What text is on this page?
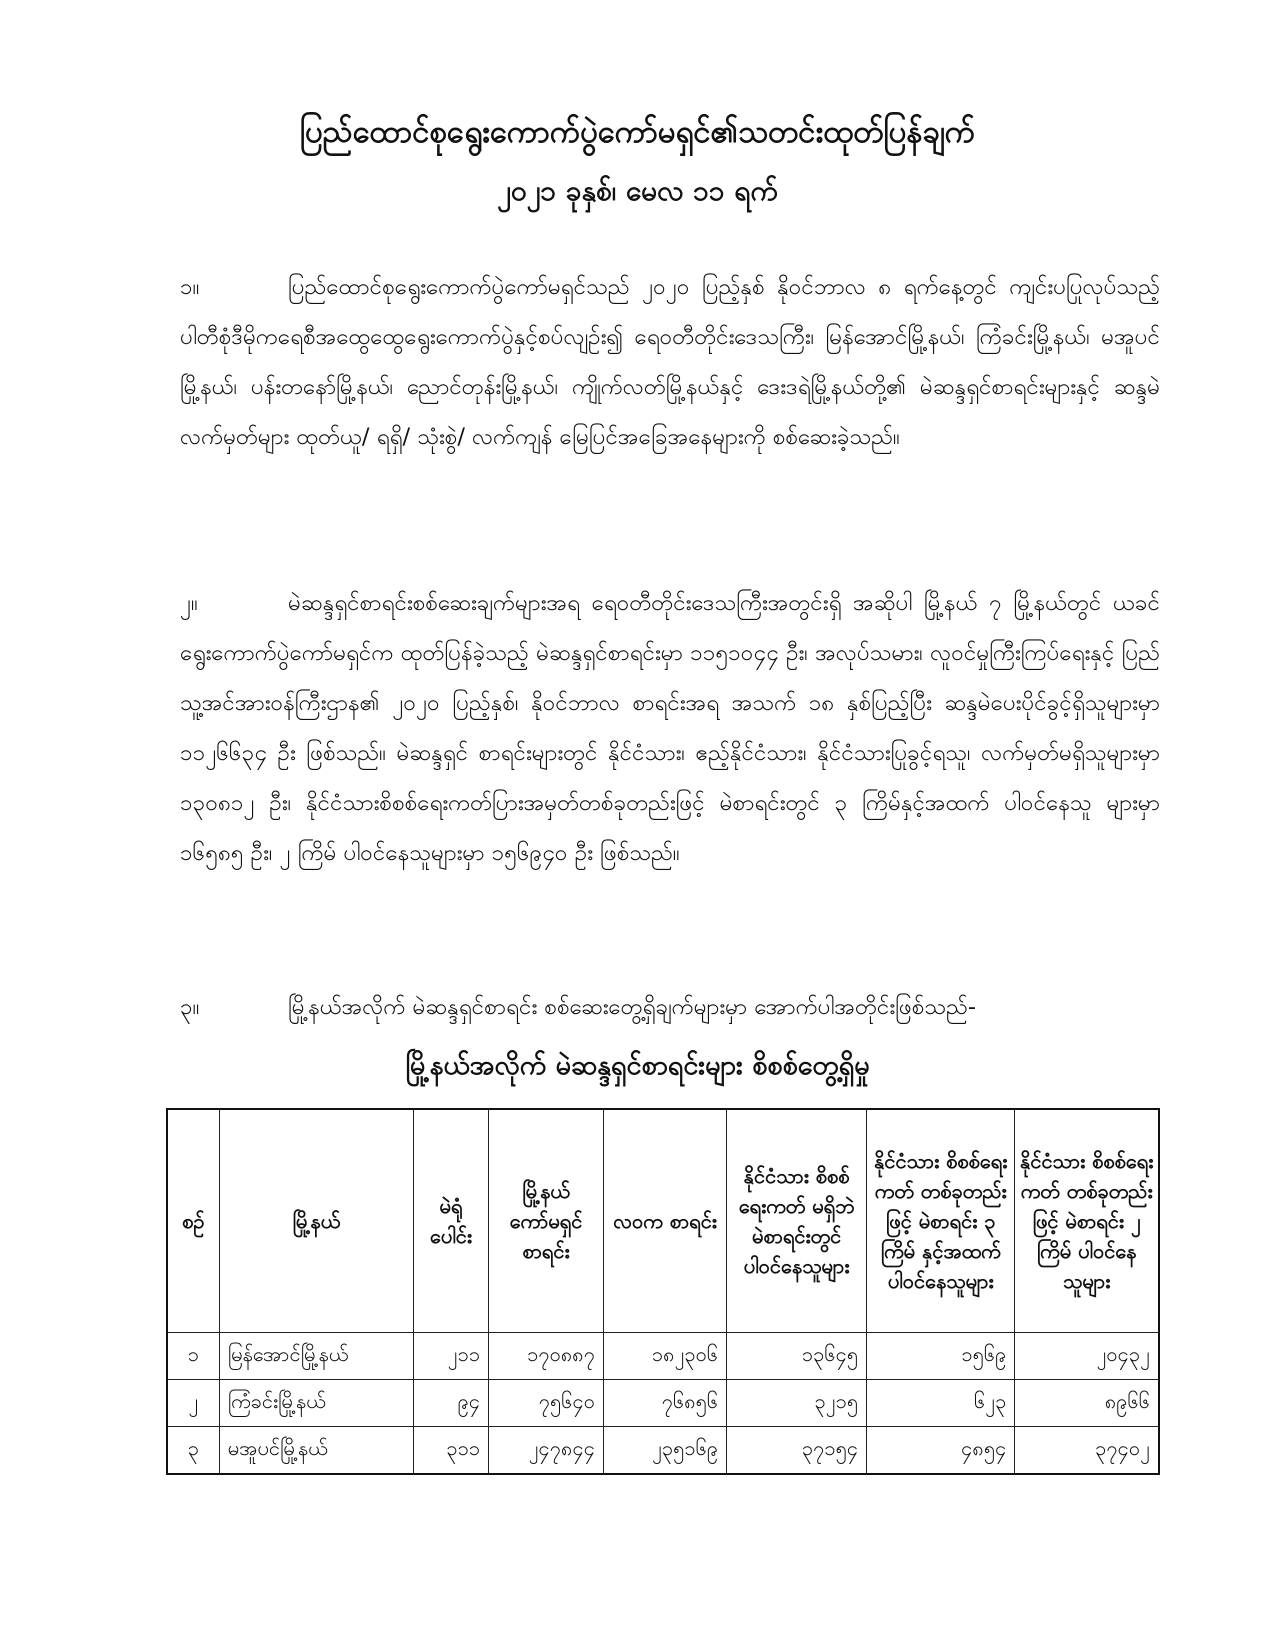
ပြည်ထောင်စုရွေးကောက်ပွဲကော်မရှင်၏သတင်းထုတ်ပြန်ချက်
၂၀၂၁ ခုနှစ်၊ မေလ ၁၁ ရက်
၁။	ပြည်ထောင်စုရွေးကောက်ပွဲကော်မရှင်သည် ၂၀၂၀ ပြည့်နှစ် နိုဝင်ဘာလ ၈ ရက်နေ့တွင် ကျင်းပပြုလုပ်သည့် ပါတီစုံဒီမိုကရေစီအထွေထွေရွေးကောက်ပွဲနှင့်စပ်လျဉ်း၍ ရေဝတီတိုင်းဒေသကြီး၊ မြန်အောင်မြို့နယ်၊ ကြံခင်းမြို့နယ်၊ မအူပင်မြို့နယ်၊ ပန်းတနော်မြို့နယ်၊ ညောင်တုန်းမြို့နယ်၊ ကျိုက်လတ်မြို့နယ်နှင့် ဒေးဒရဲမြို့နယ်တို့၏ မဲဆန္ဒရှင်စာရင်းများနှင့် ဆန္ဒမဲလက်မှတ်များ ထုတ်ယူ/ ရရှိ/ သုံးစွဲ/ လက်ကျန် မြေပြင်အခြေအနေများကို စစ်ဆေးခဲ့သည်။
၂။	မဲဆန္ဒရှင်စာရင်းစစ်ဆေးချက်များအရ ရေဝတီတိုင်းဒေသကြီးအတွင်းရှိ အဆိုပါ မြို့နယ် ၇ မြို့နယ်တွင် ယခင် ရွေးကောက်ပွဲကော်မရှင်က ထုတ်ပြန်ခဲ့သည့် မဲဆန္ဒရှင်စာရင်းမှာ ၁၁၅၁၀၄၄ ဦး၊ အလုပ်သမား၊ လူဝင်မှုကြီးကြပ်ရေးနှင့် ပြည်သူ့အင်အားဝန်ကြီးဌာန၏ ၂၀၂၀ ပြည့်နှစ်၊ နိုဝင်ဘာလ စာရင်းအရ အသက် ၁၈ နှစ်ပြည့်ပြီး ဆန္ဒမဲပေးပိုင်ခွင့်ရှိသူများမှာ ၁၁၂၆၆၃၄ ဦး ဖြစ်သည်။ မဲဆန္ဒရှင် စာရင်းများတွင် နိုင်ငံသား၊ ဧည့်နိုင်ငံသား၊ နိုင်ငံသားပြုခွင့်ရသူ၊ လက်မှတ်မရှိသူများမှာ ၁၃၀၈၁၂ ဦး၊ နိုင်ငံသားစိစစ်ရေးကတ်ပြားအမှတ်တစ်ခုတည်းဖြင့် မဲစာရင်းတွင် ၃ ကြိမ်နှင့်အထက် ပါဝင်နေသူ များမှာ ၁၆၅၈၅ ဦး၊ ၂ ကြိမ် ပါဝင်နေသူများမှာ ၁၅၆၉၄၀ ဦး ဖြစ်သည်။
၃။	မြို့နယ်အလိုက် မဲဆန္ဒရှင်စာရင်း စစ်ဆေးတွေ့ရှိချက်များမှာ အောက်ပါအတိုင်းဖြစ်သည်-
မြို့နယ်အလိုက် မဲဆန္ဒရှင်စာရင်းများ စိစစ်တွေ့ရှိမှု
စဉ်	မြို့နယ်	မဲရုံ ပေါင်း	မြို့နယ် ကော်မရှင် စာရင်း	လဝက စာရင်း	နိုင်ငံသား စိစစ်ရေးကတ် မရှိဘဲ မဲစာရင်းတွင် ပါဝင်နေသူများ	နိုင်ငံသား စိစစ်ရေးကတ် တစ်ခုတည်းဖြင့် မဲစာရင်း ၃ ကြိမ် နှင့်အထက် ပါဝင်နေသူများ	နိုင်ငံသား စိစစ်ရေးကတ် တစ်ခုတည်းဖြင့် မဲစာရင်း ၂ ကြိမ် ပါဝင်နေသူများ
၁	မြန်အောင်မြို့နယ်	၂၁၁	၁၇၀၈၈၇	၁၈၂၃၀၆	၁၃၆၄၅	၁၅၆၉	၂၀၄၃၂
၂	ကြံခင်းမြို့နယ်	၉၄	၇၅၆၄၀	၇၆၈၅၆	၃၂၁၅	၆၂၃	၈၉၆၆
၃	မအူပင်မြို့နယ်	၃၁၁	၂၄၇၈၄၄	၂၃၅၁၆၉	၃၇၁၅၄	၄၈၅၄	၃၇၄၀၂
